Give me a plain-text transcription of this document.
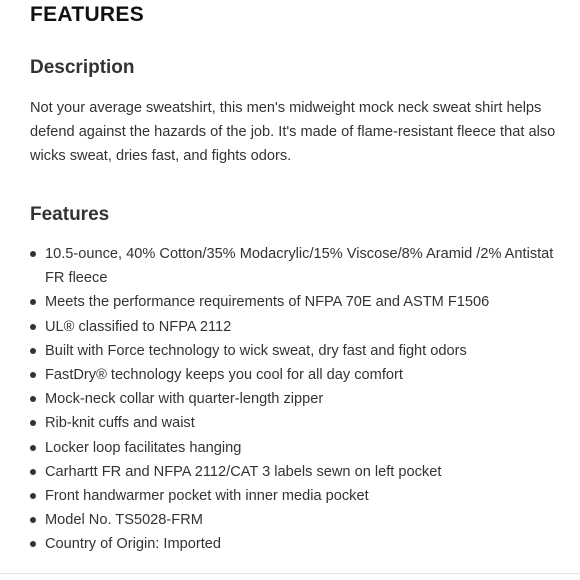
FEATURES
Description

Not your average sweatshirt, this men's midweight mock neck sweat shirt helps defend against the hazards of the job. It's made of flame-resistant fleece that also wicks sweat, dries fast, and fights odors.

Features
10.5-ounce, 40% Cotton/35% Modacrylic/15% Viscose/8% Aramid /2% Antistat FR fleece
Meets the performance requirements of NFPA 70E and ASTM F1506
UL® classified to NFPA 2112
Built with Force technology to wick sweat, dry fast and fight odors
FastDry® technology keeps you cool for all day comfort
Mock-neck collar with quarter-length zipper
Rib-knit cuffs and waist
Locker loop facilitates hanging
Carhartt FR and NFPA 2112/CAT 3 labels sewn on left pocket
Front handwarmer pocket with inner media pocket
Model No. TS5028-FRM
Country of Origin: Imported
